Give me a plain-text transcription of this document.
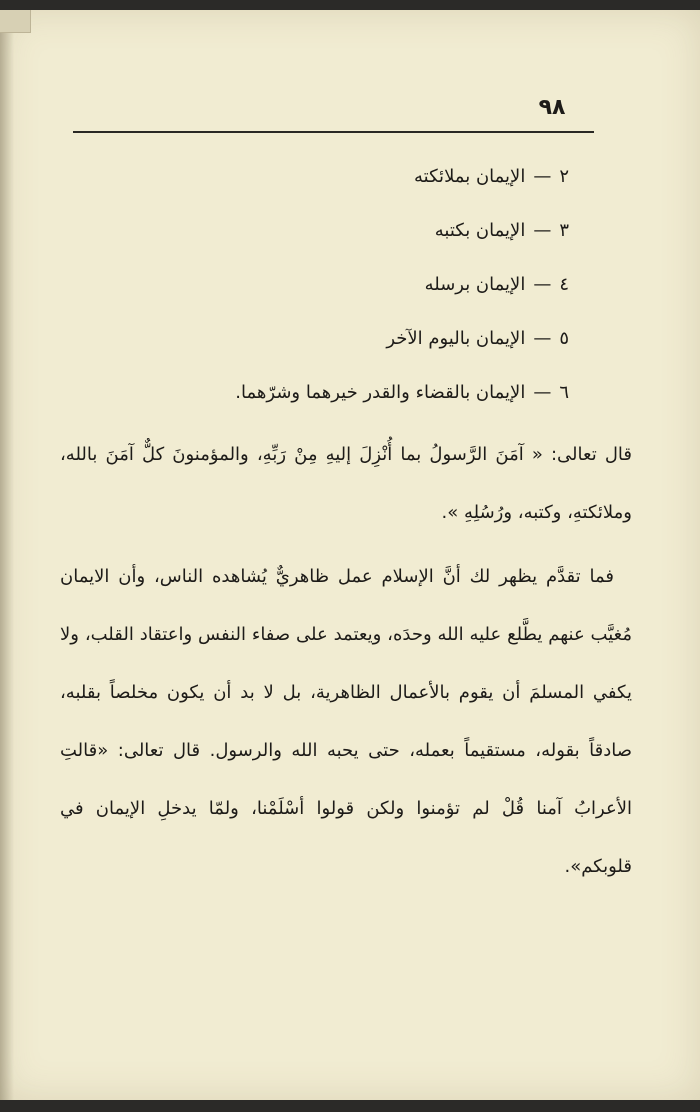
٩٨
٢—الإيمان بملائكته
٣—الإيمان بكتبه
٤—الإيمان برسله
٥—الإيمان باليوم الآخر
٦—الإيمان بالقضاء والقدر خيرهما وشرّهما.

قال تعالى: « آمَنَ الرَّسولُ بما أُنْزِلَ إليهِ مِنْ رَبِّهِ، والمؤمنونَ كلٌّ آمَنَ بالله، وملائكتهِ، وكتبه، ورُسُلِهِ ».

فما تقدَّم يظهر لك أنَّ الإسلام عمل ظاهريٌّ يُشاهده الناس، وأن الايمان مُغيَّب عنهم يطَّلع عليه الله وحدَه، ويعتمد على صفاء النفس واعتقاد القلب، ولا يكفي المسلمَ أن يقوم بالأعمال الظاهرية، بل لا بد أن يكون مخلصاً بقلبه، صادقاً بقوله، مستقيماً بعمله، حتى يحبه الله والرسول. قال تعالى: «قالتِ الأعرابُ آمنا قُلْ لم تؤمنوا ولكن قولوا أسْلَمْنا، ولمّا يدخلِ الإيمان في قلوبكم».
